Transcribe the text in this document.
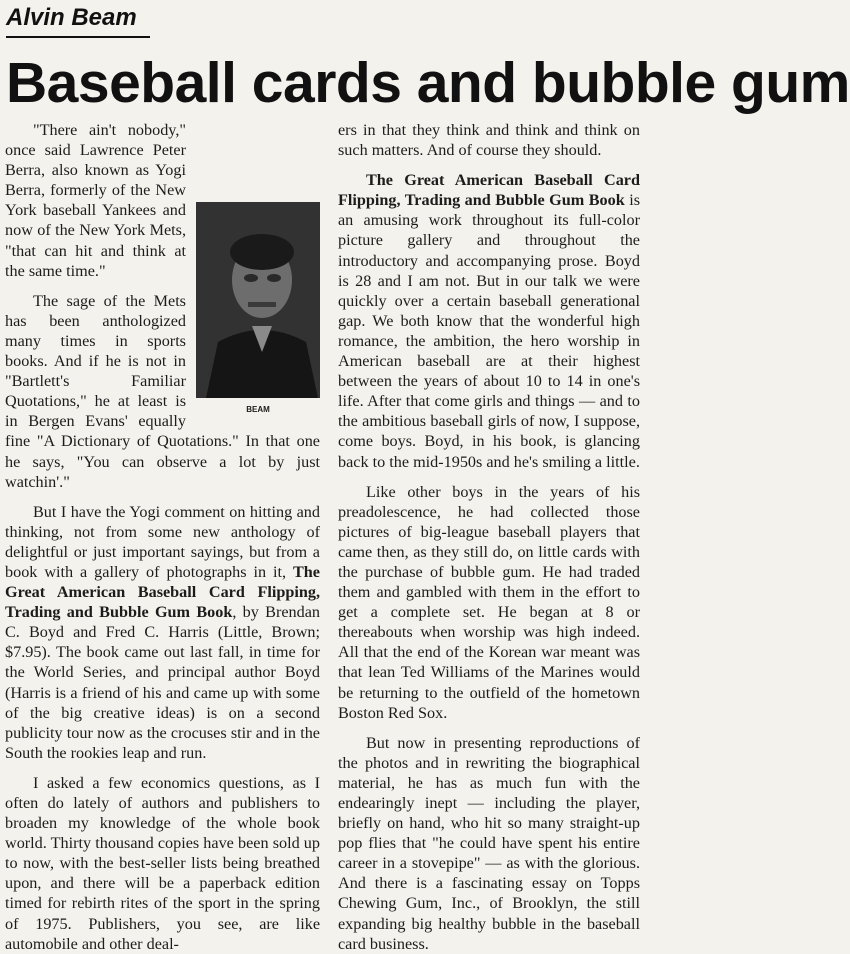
Alvin Beam
Baseball cards and bubble gum
BEAM

"There ain't nobody," once said Lawrence Peter Berra, also known as Yogi Berra, formerly of the New York baseball Yankees and now of the New York Mets, "that can hit and think at the same time."

The sage of the Mets has been anthologized many times in sports books. And if he is not in "Bartlett's Familiar Quotations," he at least is in Bergen Evans' equally fine "A Dictionary of Quotations." In that one he says, "You can observe a lot by just watchin'."

But I have the Yogi comment on hitting and thinking, not from some new anthology of delightful or just important sayings, but from a book with a gallery of photographs in it, The Great American Baseball Card Flipping, Trading and Bubble Gum Book, by Brendan C. Boyd and Fred C. Harris (Little, Brown; $7.95). The book came out last fall, in time for the World Series, and principal author Boyd (Harris is a friend of his and came up with some of the big creative ideas) is on a second publicity tour now as the crocuses stir and in the South the rookies leap and run.

I asked a few economics questions, as I often do lately of authors and publishers to broaden my knowledge of the whole book world. Thirty thousand copies have been sold up to now, with the best-seller lists being breathed upon, and there will be a paperback edition timed for rebirth rites of the sport in the spring of 1975. Publishers, you see, are like automobile and other deal-

ers in that they think and think and think on such matters. And of course they should.

The Great American Baseball Card Flipping, Trading and Bubble Gum Book is an amusing work throughout its full-color picture gallery and throughout the introductory and accompanying prose. Boyd is 28 and I am not. But in our talk we were quickly over a certain baseball generational gap. We both know that the wonderful high romance, the ambition, the hero worship in American baseball are at their highest between the years of about 10 to 14 in one's life. After that come girls and things — and to the ambitious baseball girls of now, I suppose, come boys. Boyd, in his book, is glancing back to the mid-1950s and he's smiling a little.

Like other boys in the years of his preadolescence, he had collected those pictures of big-league baseball players that came then, as they still do, on little cards with the purchase of bubble gum. He had traded them and gambled with them in the effort to get a complete set. He began at 8 or thereabouts when worship was high indeed. All that the end of the Korean war meant was that lean Ted Williams of the Marines would be returning to the outfield of the hometown Boston Red Sox.

But now in presenting reproductions of the photos and in rewriting the biographical material, he has as much fun with the endearingly inept — including the player, briefly on hand, who hit so many straight-up pop flies that "he could have spent his entire career in a stovepipe" — as with the glorious. And there is a fascinating essay on Topps Chewing Gum, Inc., of Brooklyn, the still expanding big healthy bubble in the baseball card business.
